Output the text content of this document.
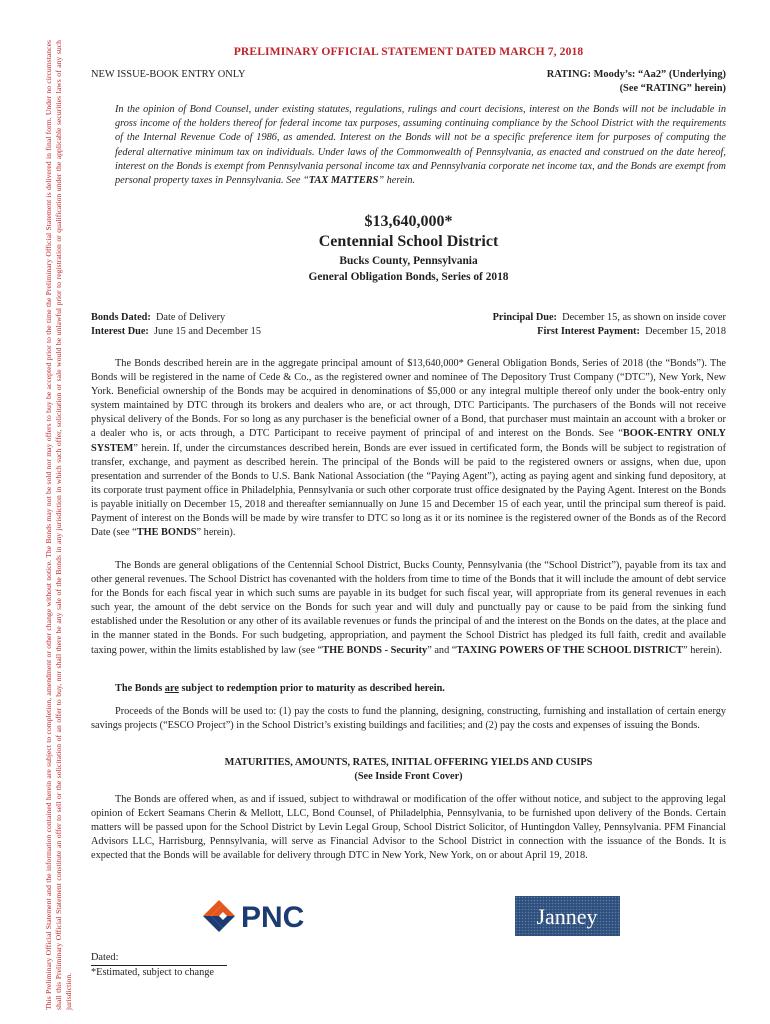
This Preliminary Official Statement and the information contained herein are subject to completion, amendment or other change without notice. The Bonds may not be sold nor may offers to buy be accepted prior to the time the Preliminary Official Statement is delivered in final form. Under no circumstances shall this Preliminary Official Statement constitute an offer to sell or the solicitation of an offer to buy, nor shall there be any sale of the Bonds in any jurisdiction in which such offer, solicitation or sale would be unlawful prior to registration or qualification under the applicable securities laws of any such jurisdiction.
PRELIMINARY OFFICIAL STATEMENT DATED MARCH 7, 2018
NEW ISSUE-BOOK ENTRY ONLY	RATING: Moody’s: “Aa2” (Underlying)
(See “RATING” herein)
In the opinion of Bond Counsel, under existing statutes, regulations, rulings and court decisions, interest on the Bonds will not be includable in gross income of the holders thereof for federal income tax purposes, assuming continuing compliance by the School District with the requirements of the Internal Revenue Code of 1986, as amended. Interest on the Bonds will not be a specific preference item for purposes of computing the federal alternative minimum tax on individuals. Under laws of the Commonwealth of Pennsylvania, as enacted and construed on the date hereof, interest on the Bonds is exempt from Pennsylvania personal income tax and Pennsylvania corporate net income tax, and the Bonds are exempt from personal property taxes in Pennsylvania. See “TAX MATTERS” herein.
$13,640,000*
Centennial School District
Bucks County, Pennsylvania
General Obligation Bonds, Series of 2018
Bonds Dated: Date of Delivery
Interest Due: June 15 and December 15
Principal Due: December 15, as shown on inside cover
First Interest Payment: December 15, 2018
The Bonds described herein are in the aggregate principal amount of $13,640,000* General Obligation Bonds, Series of 2018 (the “Bonds”). The Bonds will be registered in the name of Cede & Co., as the registered owner and nominee of The Depository Trust Company (“DTC”), New York, New York. Beneficial ownership of the Bonds may be acquired in denominations of $5,000 or any integral multiple thereof only under the book-entry only system maintained by DTC through its brokers and dealers who are, or act through, DTC Participants. The purchasers of the Bonds will not receive physical delivery of the Bonds. For so long as any purchaser is the beneficial owner of a Bond, that purchaser must maintain an account with a broker or a dealer who is, or acts through, a DTC Participant to receive payment of principal of and interest on the Bonds. See “BOOK-ENTRY ONLY SYSTEM” herein. If, under the circumstances described herein, Bonds are ever issued in certificated form, the Bonds will be subject to registration of transfer, exchange, and payment as described herein. The principal of the Bonds will be paid to the registered owners or assigns, when due, upon presentation and surrender of the Bonds to U.S. Bank National Association (the “Paying Agent”), acting as paying agent and sinking fund depository, at its corporate trust payment office in Philadelphia, Pennsylvania or such other corporate trust office designated by the Paying Agent. Interest on the Bonds is payable initially on December 15, 2018 and thereafter semiannually on June 15 and December 15 of each year, until the principal sum thereof is paid. Payment of interest on the Bonds will be made by wire transfer to DTC so long as it or its nominee is the registered owner of the Bonds as of the Record Date (see “THE BONDS” herein).
The Bonds are general obligations of the Centennial School District, Bucks County, Pennsylvania (the “School District”), payable from its tax and other general revenues. The School District has covenanted with the holders from time to time of the Bonds that it will include the amount of debt service for the Bonds for each fiscal year in which such sums are payable in its budget for such fiscal year, will appropriate from its general revenues in each such year, the amount of the debt service on the Bonds for such year and will duly and punctually pay or cause to be paid from the sinking fund established under the Resolution or any other of its available revenues or funds the principal of and the interest on the Bonds on the dates, at the place and in the manner stated in the Bonds. For such budgeting, appropriation, and payment the School District has pledged its full faith, credit and available taxing power, within the limits established by law (see “THE BONDS - Security” and “TAXING POWERS OF THE SCHOOL DISTRICT” herein).
The Bonds are subject to redemption prior to maturity as described herein.
Proceeds of the Bonds will be used to: (1) pay the costs to fund the planning, designing, constructing, furnishing and installation of certain energy savings projects (“ESCO Project”) in the School District’s existing buildings and facilities; and (2) pay the costs and expenses of issuing the Bonds.
MATURITIES, AMOUNTS, RATES, INITIAL OFFERING YIELDS AND CUSIPS
(See Inside Front Cover)
The Bonds are offered when, as and if issued, subject to withdrawal or modification of the offer without notice, and subject to the approving legal opinion of Eckert Seamans Cherin & Mellott, LLC, Bond Counsel, of Philadelphia, Pennsylvania, to be furnished upon delivery of the Bonds. Certain matters will be passed upon for the School District by Levin Legal Group, School District Solicitor, of Huntingdon Valley, Pennsylvania. PFM Financial Advisors LLC, Harrisburg, Pennsylvania, will serve as Financial Advisor to the School District in connection with the issuance of the Bonds. It is expected that the Bonds will be available for delivery through DTC in New York, New York, on or about April 19, 2018.
PNC	Janney
Dated:
*Estimated, subject to change
